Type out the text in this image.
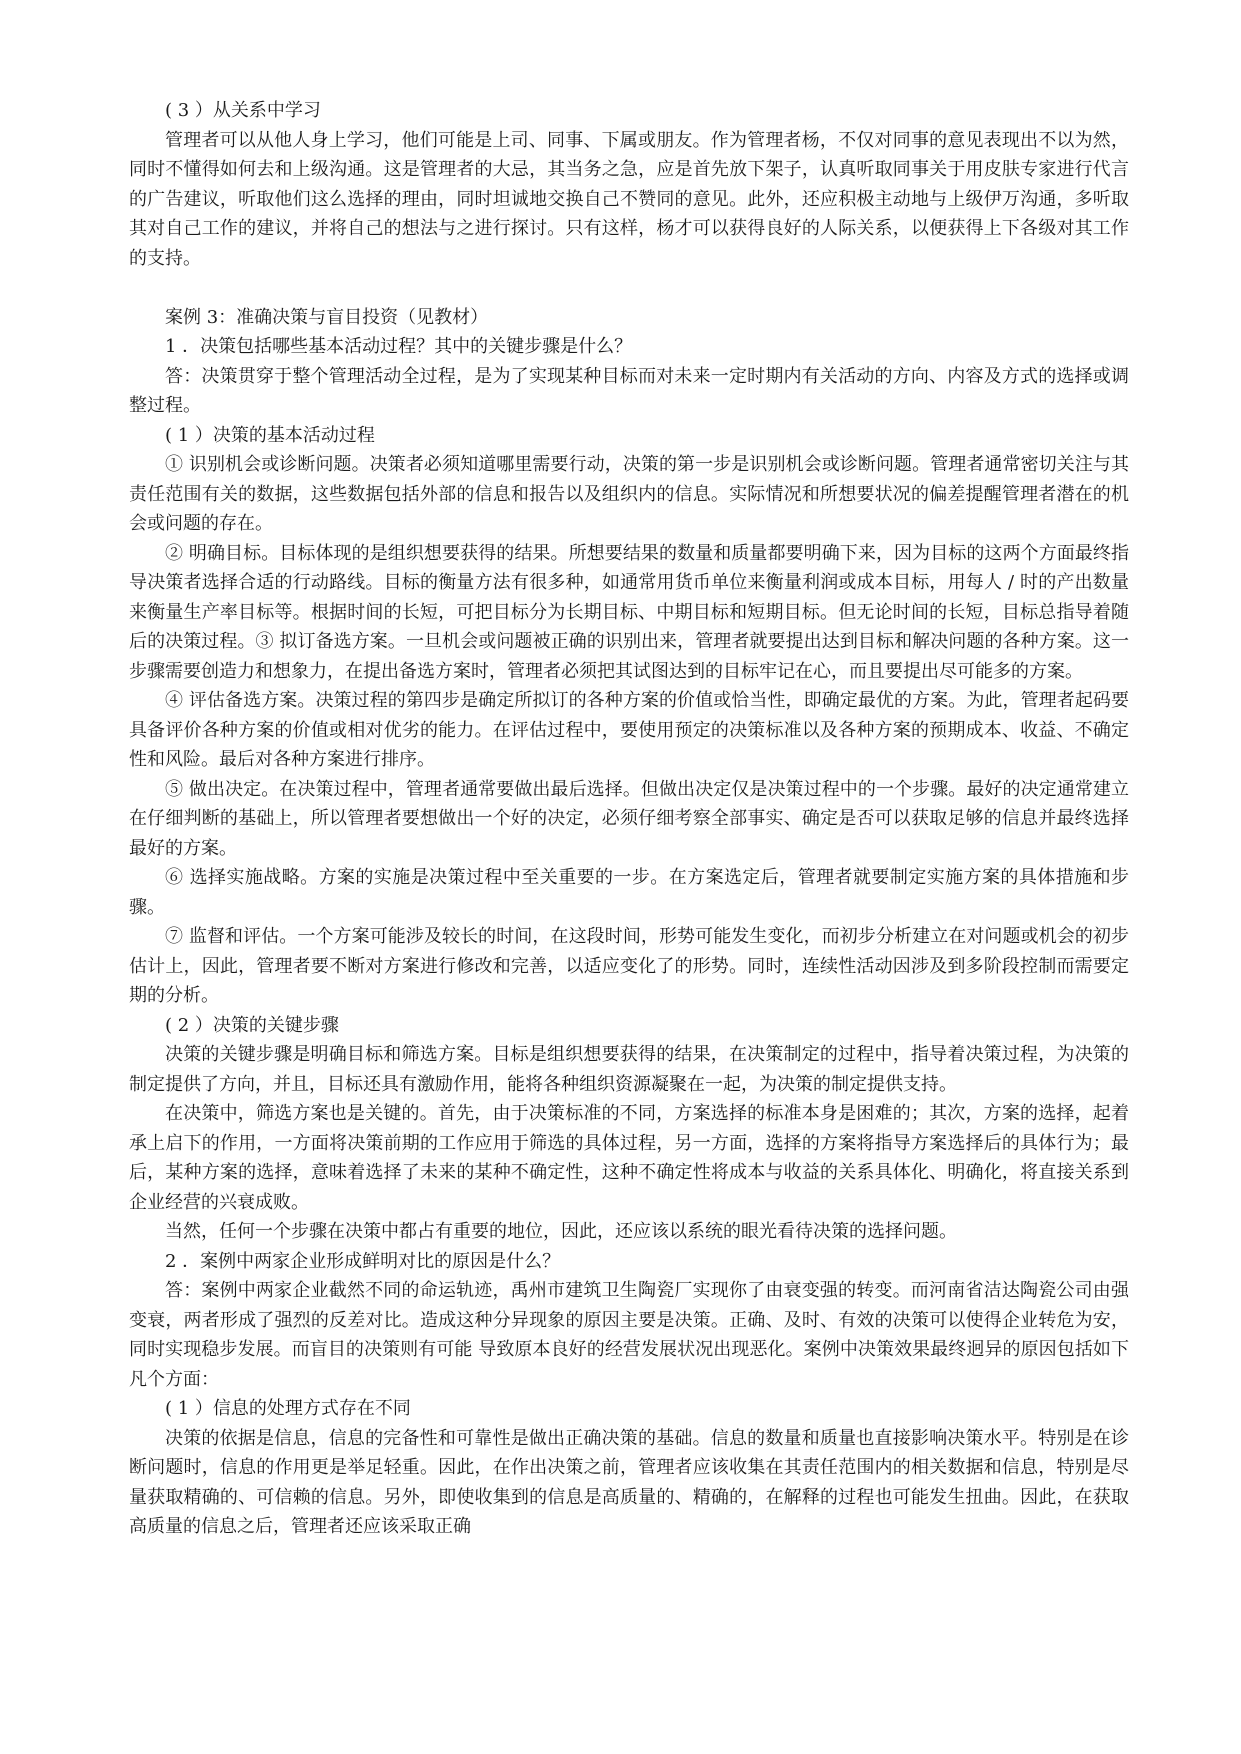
( 3 ）从关系中学习

管理者可以从他人身上学习，他们可能是上司、同事、下属或朋友。作为管理者杨，不仅对同事的意见表现出不以为然，同时不懂得如何去和上级沟通。这是管理者的大忌，其当务之急，应是首先放下架子，认真听取同事关于用皮肤专家进行代言的广告建议，听取他们这么选择的理由，同时坦诚地交换自己不赞同的意见。此外，还应积极主动地与上级伊万沟通，多听取其对自己工作的建议，并将自己的想法与之进行探讨。只有这样，杨才可以获得良好的人际关系，以便获得上下各级对其工作的支持。

案例 3：准确决策与盲目投资（见教材）

1 ．决策包括哪些基本活动过程？其中的关键步骤是什么？

答：决策贯穿于整个管理活动全过程，是为了实现某种目标而对未来一定时期内有关活动的方向、内容及方式的选择或调整过程。

( 1 ）决策的基本活动过程

① 识别机会或诊断问题。决策者必须知道哪里需要行动，决策的第一步是识别机会或诊断问题。管理者通常密切关注与其责任范围有关的数据，这些数据包括外部的信息和报告以及组织内的信息。实际情况和所想要状况的偏差提醒管理者潜在的机会或问题的存在。

② 明确目标。目标体现的是组织想要获得的结果。所想要结果的数量和质量都要明确下来，因为目标的这两个方面最终指导决策者选择合适的行动路线。目标的衡量方法有很多种，如通常用货币单位来衡量利润或成本目标，用每人 / 时的产出数量来衡量生产率目标等。根据时间的长短，可把目标分为长期目标、中期目标和短期目标。但无论时间的长短，目标总指导着随后的决策过程。③ 拟订备选方案。一旦机会或问题被正确的识别出来，管理者就要提出达到目标和解决问题的各种方案。这一步骤需要创造力和想象力，在提出备选方案时，管理者必须把其试图达到的目标牢记在心，而且要提出尽可能多的方案。

④ 评估备选方案。决策过程的第四步是确定所拟订的各种方案的价值或恰当性，即确定最优的方案。为此，管理者起码要具备评价各种方案的价值或相对优劣的能力。在评估过程中，要使用预定的决策标准以及各种方案的预期成本、收益、不确定性和风险。最后对各种方案进行排序。

⑤ 做出决定。在决策过程中，管理者通常要做出最后选择。但做出决定仅是决策过程中的一个步骤。最好的决定通常建立在仔细判断的基础上，所以管理者要想做出一个好的决定，必须仔细考察全部事实、确定是否可以获取足够的信息并最终选择最好的方案。

⑥ 选择实施战略。方案的实施是决策过程中至关重要的一步。在方案选定后，管理者就要制定实施方案的具体措施和步骤。

⑦ 监督和评估。一个方案可能涉及较长的时间，在这段时间，形势可能发生变化，而初步分析建立在对问题或机会的初步估计上，因此，管理者要不断对方案进行修改和完善，以适应变化了的形势。同时，连续性活动因涉及到多阶段控制而需要定期的分析。

( 2 ）决策的关键步骤

决策的关键步骤是明确目标和筛选方案。目标是组织想要获得的结果，在决策制定的过程中，指导着决策过程，为决策的制定提供了方向，并且，目标还具有激励作用，能将各种组织资源凝聚在一起，为决策的制定提供支持。

在决策中，筛选方案也是关键的。首先，由于决策标准的不同，方案选择的标准本身是困难的；其次，方案的选择，起着承上启下的作用，一方面将决策前期的工作应用于筛选的具体过程，另一方面，选择的方案将指导方案选择后的具体行为；最后，某种方案的选择，意味着选择了未来的某种不确定性，这种不确定性将成本与收益的关系具体化、明确化，将直接关系到企业经营的兴衰成败。

当然，任何一个步骤在决策中都占有重要的地位，因此，还应该以系统的眼光看待决策的选择问题。

2 ．案例中两家企业形成鲜明对比的原因是什么？

答：案例中两家企业截然不同的命运轨迹，禹州市建筑卫生陶瓷厂实现你了由衰变强的转变。而河南省洁达陶瓷公司由强变衰，两者形成了强烈的反差对比。造成这种分异现象的原因主要是决策。正确、及时、有效的决策可以使得企业转危为安，同时实现稳步发展。而盲目的决策则有可能 导致原本良好的经营发展状况出现恶化。案例中决策效果最终迥异的原因包括如下凡个方面：

( 1 ）信息的处理方式存在不同

决策的依据是信息，信息的完备性和可靠性是做出正确决策的基础。信息的数量和质量也直接影响决策水平。特别是在诊断问题时，信息的作用更是举足轻重。因此，在作出决策之前，管理者应该收集在其责任范围内的相关数据和信息，特别是尽量获取精确的、可信赖的信息。另外，即使收集到的信息是高质量的、精确的，在解释的过程也可能发生扭曲。因此，在获取高质量的信息之后，管理者还应该采取正确
